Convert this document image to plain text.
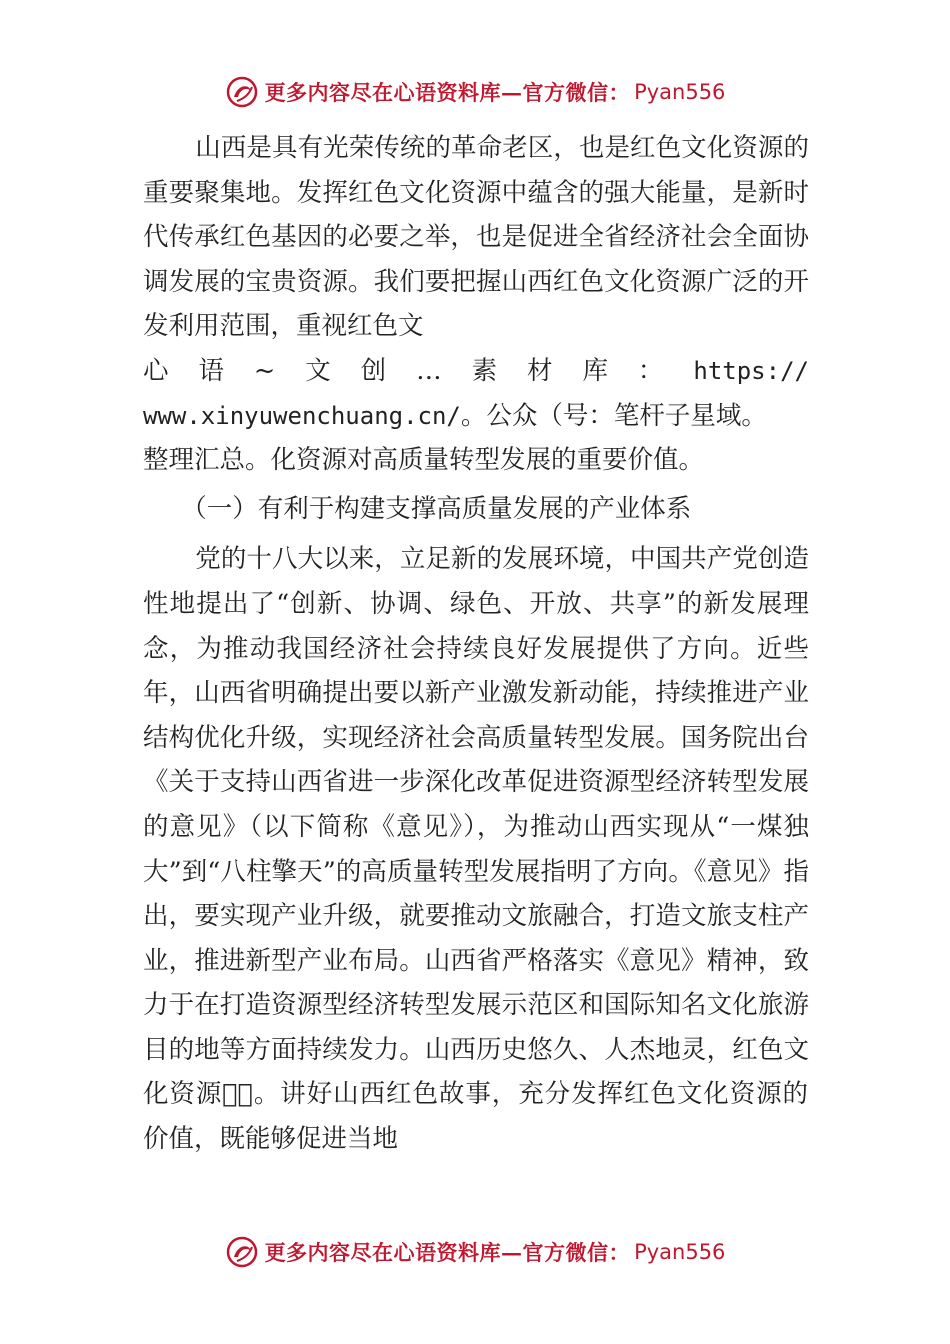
更多内容尽在心语资料库—官方微信： Pyan556

山西是具有光荣传统的革命老区，也是红色文化资源的重要聚集地。发挥红色文化资源中蕴含的强大能量，是新时代传承红色基因的必要之举，也是促进全省经济社会全面协调发展的宝贵资源。我们要把握山西红色文化资源广泛的开发利用范围，重视红色文

心 语 ~ 文 创 … 素 材 库 ： https://
www.xinyuwenchuang.cn/。公众（号：笔杆子星域。
整理汇总。化资源对高质量转型发展的重要价值。

（一）有利于构建支撑高质量发展的产业体系

党的十八大以来，立足新的发展环境，中国共产党创造性地提出了“创新、协调、绿色、开放、共享”的新发展理念，为推动我国经济社会持续良好发展提供了方向。近些年，山西省明确提出要以新产业激发新动能，持续推进产业结构优化升级，实现经济社会高质量转型发展。国务院出台《关于支持山西省进一步深化改革促进资源型经济转型发展的意见》（以下简称《意见》），为推动山西实现从“一煤独大”到“八柱擎天”的高质量转型发展指明了方向。《意见》指出，要实现产业升级，就要推动文旅融合，打造文旅支柱产业，推进新型产业布局。山西省严格落实《意见》精神，致力于在打造资源型经济转型发展示范区和国际知名文化旅游目的地等方面持续发力。山西历史悠久、人杰地灵，红色文化资源丰᪶。讲好山西红色故事，充分发挥红色文化资源的价值，既能够促进当地

更多内容尽在心语资料库—官方微信： Pyan556
